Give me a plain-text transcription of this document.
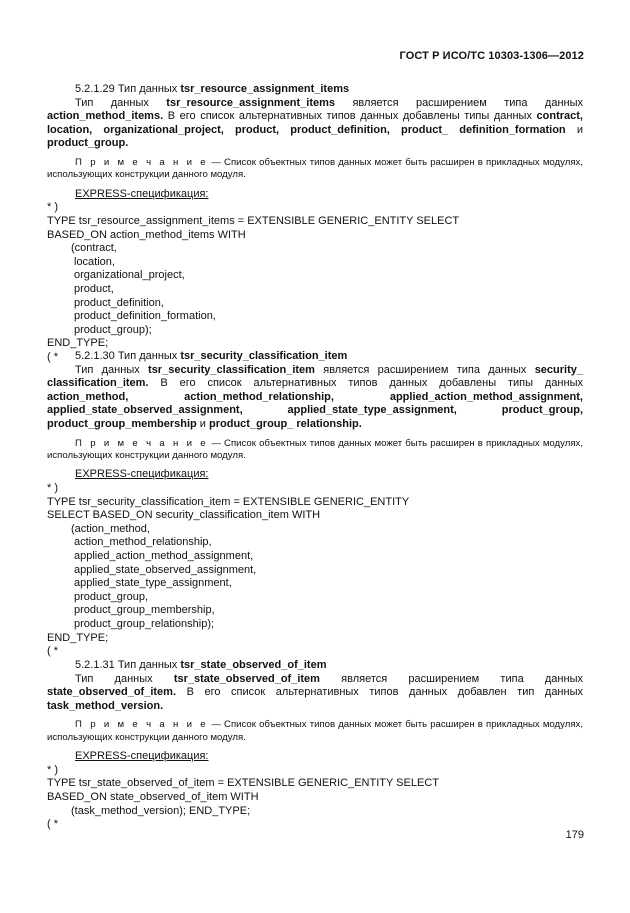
ГОСТ Р ИСО/ТС 10303-1306—2012
5.2.1.29 Тип данных tsr_resource_assignment_items
Тип данных tsr_resource_assignment_items является расширением типа данных action_method_items. В его список альтернативных типов данных добавлены типы данных contract, location, organizational_project, product, product_definition, product_ definition_formation и product_group.
П р и м е ч а н и е — Список объектных типов данных может быть расширен в прикладных модулях, использующих конструкции данного модуля.
EXPRESS-спецификация:
* )
TYPE tsr_resource_assignment_items = EXTENSIBLE GENERIC_ENTITY SELECT
BASED_ON action_method_items WITH
(contract,
location,
organizational_project,
product,
product_definition,
product_definition_formation,
product_group);
END_TYPE;
( *	5.2.1.30 Тип данных tsr_security_classification_item
Тип данных tsr_security_classification_item является расширением типа данных security_ classification_item. В его список альтернативных типов данных добавлены типы данных action_method, action_method_relationship, applied_action_method_assignment, applied_state_observed_assignment, applied_state_type_assignment, product_group, product_group_membership и product_group_ relationship.
П р и м е ч а н и е — Список объектных типов данных может быть расширен в прикладных модулях, использующих конструкции данного модуля.
EXPRESS-спецификация:
* )
TYPE tsr_security_classification_item = EXTENSIBLE GENERIC_ENTITY
SELECT BASED_ON security_classification_item WITH
(action_method,
action_method_relationship,
applied_action_method_assignment,
applied_state_observed_assignment,
applied_state_type_assignment,
product_group,
product_group_membership,
product_group_relationship);
END_TYPE;
( *
5.2.1.31 Тип данных tsr_state_observed_of_item
Тип данных tsr_state_observed_of_item является расширением типа данных state_observed_of_item. В его список альтернативных типов данных добавлен тип данных task_method_version.
П р и м е ч а н и е — Список объектных типов данных может быть расширен в прикладных модулях, использующих конструкции данного модуля.
EXPRESS-спецификация:
* )
TYPE tsr_state_observed_of_item = EXTENSIBLE GENERIC_ENTITY SELECT
BASED_ON state_observed_of_item WITH
(task_method_version); END_TYPE;
( *
179
